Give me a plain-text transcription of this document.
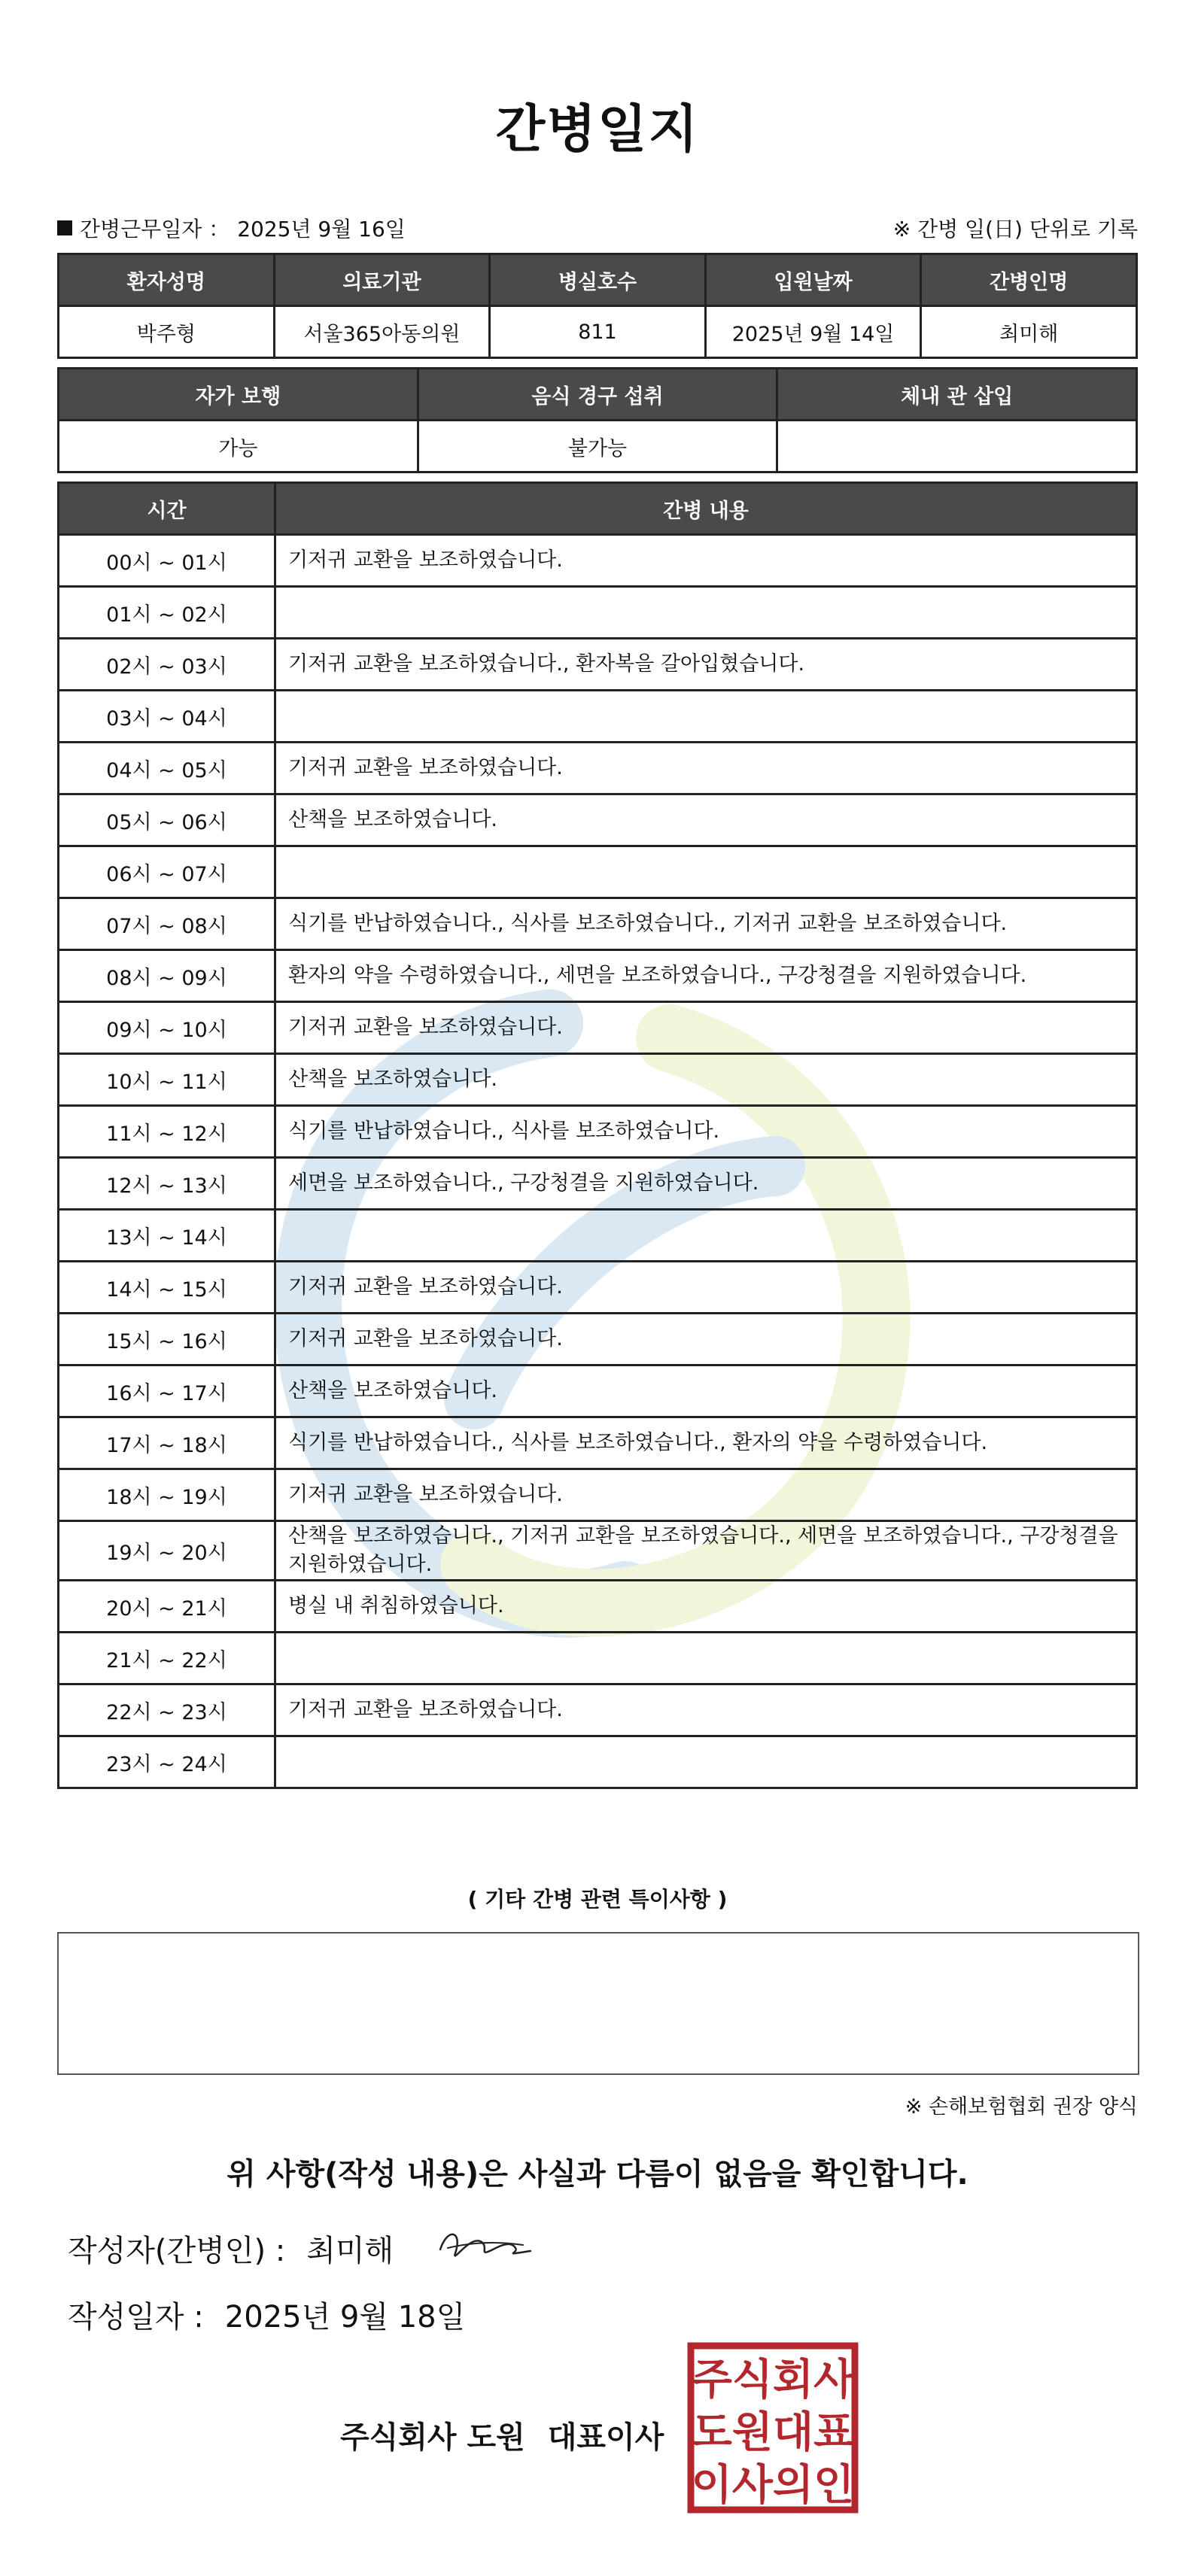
간병일지
간병근무일자 ： 2025년 9월 16일	※ 간병 일(日) 단위로 기록
환자성명	의료기관	병실호수	입원날짜	간병인명
박주형	서울365아동의원	811	2025년 9월 14일	최미해
자가 보행	음식 경구 섭취	체내 관 삽입
가능	불가능	
시간	간병 내용
00시 ~ 01시	기저귀 교환을 보조하였습니다.
01시 ~ 02시	
02시 ~ 03시	기저귀 교환을 보조하였습니다., 환자복을 갈아입혔습니다.
03시 ~ 04시	
04시 ~ 05시	기저귀 교환을 보조하였습니다.
05시 ~ 06시	산책을 보조하였습니다.
06시 ~ 07시	
07시 ~ 08시	식기를 반납하였습니다., 식사를 보조하였습니다., 기저귀 교환을 보조하였습니다.
08시 ~ 09시	환자의 약을 수령하였습니다., 세면을 보조하였습니다., 구강청결을 지원하였습니다.
09시 ~ 10시	기저귀 교환을 보조하였습니다.
10시 ~ 11시	산책을 보조하였습니다.
11시 ~ 12시	식기를 반납하였습니다., 식사를 보조하였습니다.
12시 ~ 13시	세면을 보조하였습니다., 구강청결을 지원하였습니다.
13시 ~ 14시	
14시 ~ 15시	기저귀 교환을 보조하였습니다.
15시 ~ 16시	기저귀 교환을 보조하였습니다.
16시 ~ 17시	산책을 보조하였습니다.
17시 ~ 18시	식기를 반납하였습니다., 식사를 보조하였습니다., 환자의 약을 수령하였습니다.
18시 ~ 19시	기저귀 교환을 보조하였습니다.
19시 ~ 20시	산책을 보조하였습니다., 기저귀 교환을 보조하였습니다., 세면을 보조하였습니다., 구강청결을 지원하였습니다.
20시 ~ 21시	병실 내 취침하였습니다.
21시 ~ 22시	
22시 ~ 23시	기저귀 교환을 보조하였습니다.
23시 ~ 24시	
( 기타 간병 관련 특이사항 )
※ 손해보험협회 권장 양식
위 사항(작성 내용)은 사실과 다름이 없음을 확인합니다.
작성자(간병인) : 최미해
작성일자 : 2025년 9월 18일
주식회사 도원 대표이사
주식회사
도원대표
이사의인
